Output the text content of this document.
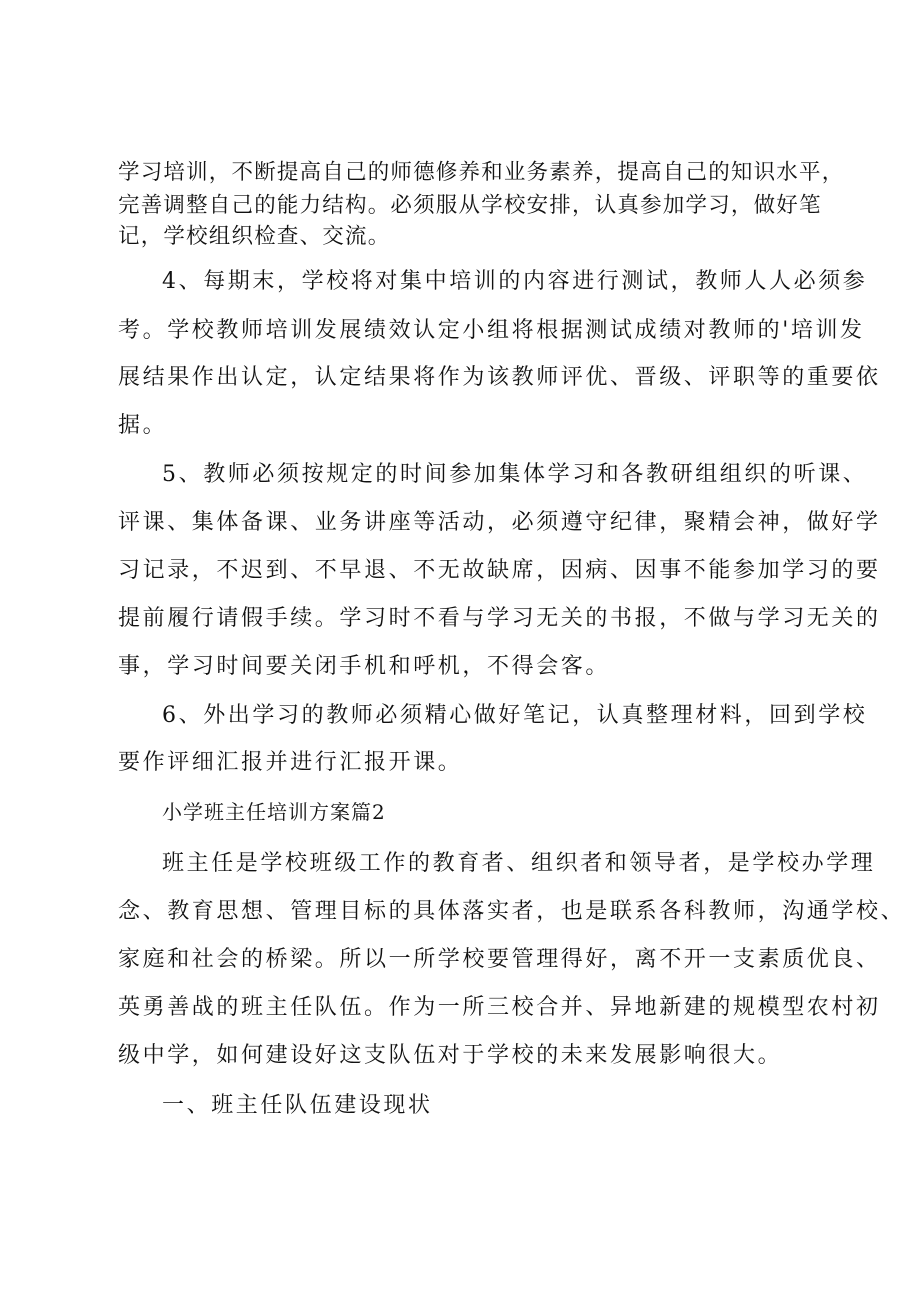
学习培训，不断提高自己的师德修养和业务素养，提高自己的知识水平，
完善调整自己的能力结构。必须服从学校安排，认真参加学习，做好笔
记，学校组织检查、交流。
4、每期末，学校将对集中培训的内容进行测试，教师人人必须参
考。学校教师培训发展绩效认定小组将根据测试成绩对教师的'培训发
展结果作出认定，认定结果将作为该教师评优、晋级、评职等的重要依
据。
5、教师必须按规定的时间参加集体学习和各教研组组织的听课、
评课、集体备课、业务讲座等活动，必须遵守纪律，聚精会神，做好学
习记录，不迟到、不早退、不无故缺席，因病、因事不能参加学习的要
提前履行请假手续。学习时不看与学习无关的书报，不做与学习无关的
事，学习时间要关闭手机和呼机，不得会客。
6、外出学习的教师必须精心做好笔记，认真整理材料，回到学校
要作评细汇报并进行汇报开课。
小学班主任培训方案篇2
班主任是学校班级工作的教育者、组织者和领导者，是学校办学理
念、教育思想、管理目标的具体落实者，也是联系各科教师，沟通学校、
家庭和社会的桥梁。所以一所学校要管理得好，离不开一支素质优良、
英勇善战的班主任队伍。作为一所三校合并、异地新建的规模型农村初
级中学，如何建设好这支队伍对于学校的未来发展影响很大。
一、班主任队伍建设现状
